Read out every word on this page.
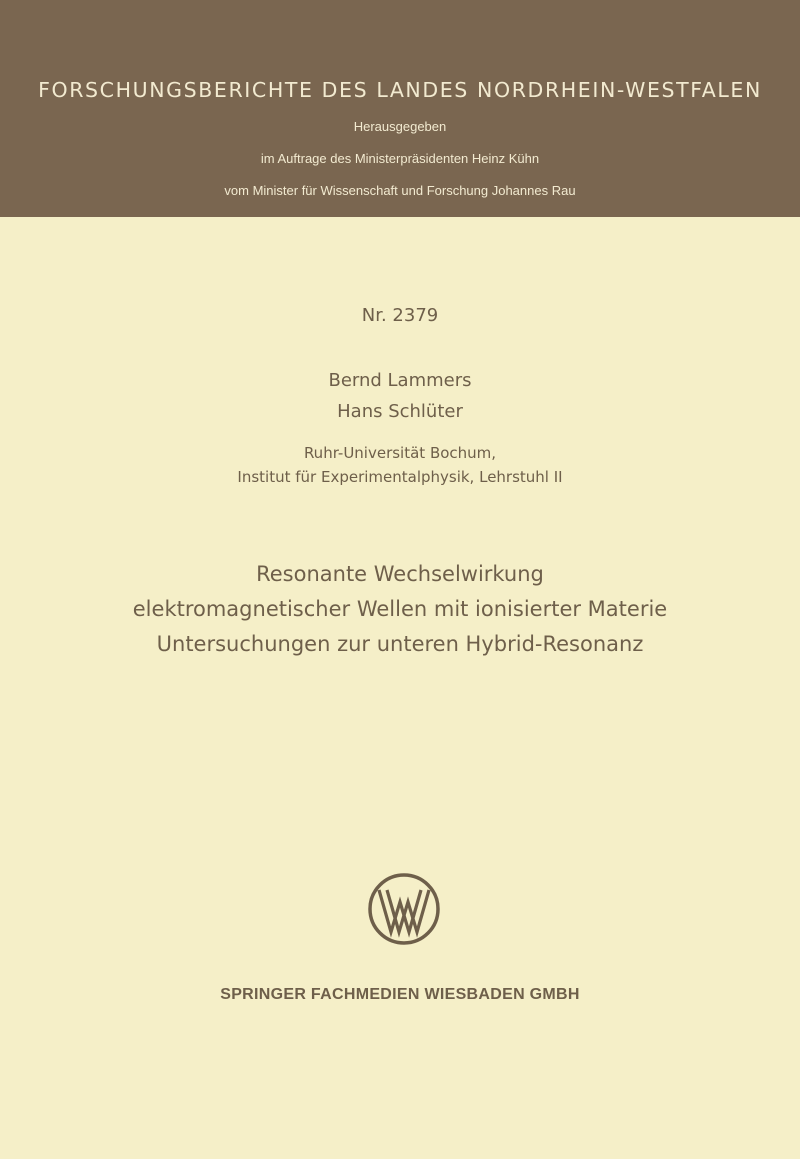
FORSCHUNGSBERICHTE DES LANDES NORDRHEIN-WESTFALEN
Herausgegeben
im Auftrage des Ministerpräsidenten Heinz Kühn
vom Minister für Wissenschaft und Forschung Johannes Rau
Nr. 2379
Bernd Lammers
Hans Schlüter
Ruhr-Universität Bochum,
Institut für Experimentalphysik, Lehrstuhl II
Resonante Wechselwirkung
elektromagnetischer Wellen mit ionisierter Materie
Untersuchungen zur unteren Hybrid-Resonanz
SPRINGER FACHMEDIEN WIESBADEN GMBH
